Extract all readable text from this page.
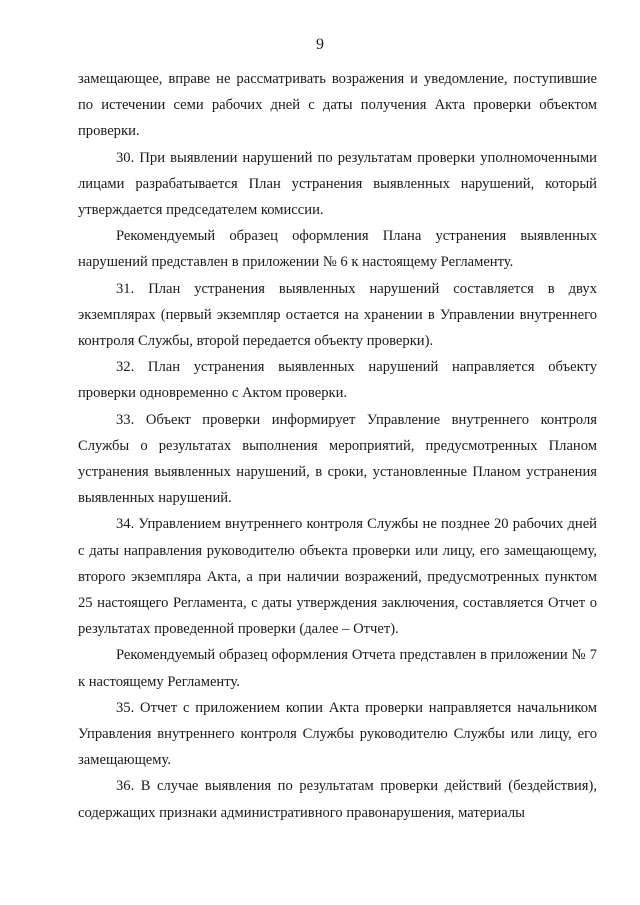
9

замещающее, вправе не рассматривать возражения и уведомление, поступившие по истечении семи рабочих дней с даты получения Акта проверки объектом проверки.

30. При выявлении нарушений по результатам проверки уполномоченными лицами разрабатывается План устранения выявленных нарушений, который утверждается председателем комиссии.

Рекомендуемый образец оформления Плана устранения выявленных нарушений представлен в приложении № 6 к настоящему Регламенту.

31. План устранения выявленных нарушений составляется в двух экземплярах (первый экземпляр остается на хранении в Управлении внутреннего контроля Службы, второй передается объекту проверки).

32. План устранения выявленных нарушений направляется объекту проверки одновременно с Актом проверки.

33. Объект проверки информирует Управление внутреннего контроля Службы о результатах выполнения мероприятий, предусмотренных Планом устранения выявленных нарушений, в сроки, установленные Планом устранения выявленных нарушений.

34. Управлением внутреннего контроля Службы не позднее 20 рабочих дней с даты направления руководителю объекта проверки или лицу, его замещающему, второго экземпляра Акта, а при наличии возражений, предусмотренных пунктом 25 настоящего Регламента, с даты утверждения заключения, составляется Отчет о результатах проведенной проверки (далее – Отчет).

Рекомендуемый образец оформления Отчета представлен в приложении № 7 к настоящему Регламенту.

35. Отчет с приложением копии Акта проверки направляется начальником Управления внутреннего контроля Службы руководителю Службы или лицу, его замещающему.

36. В случае выявления по результатам проверки действий (бездействия), содержащих признаки административного правонарушения, материалы
